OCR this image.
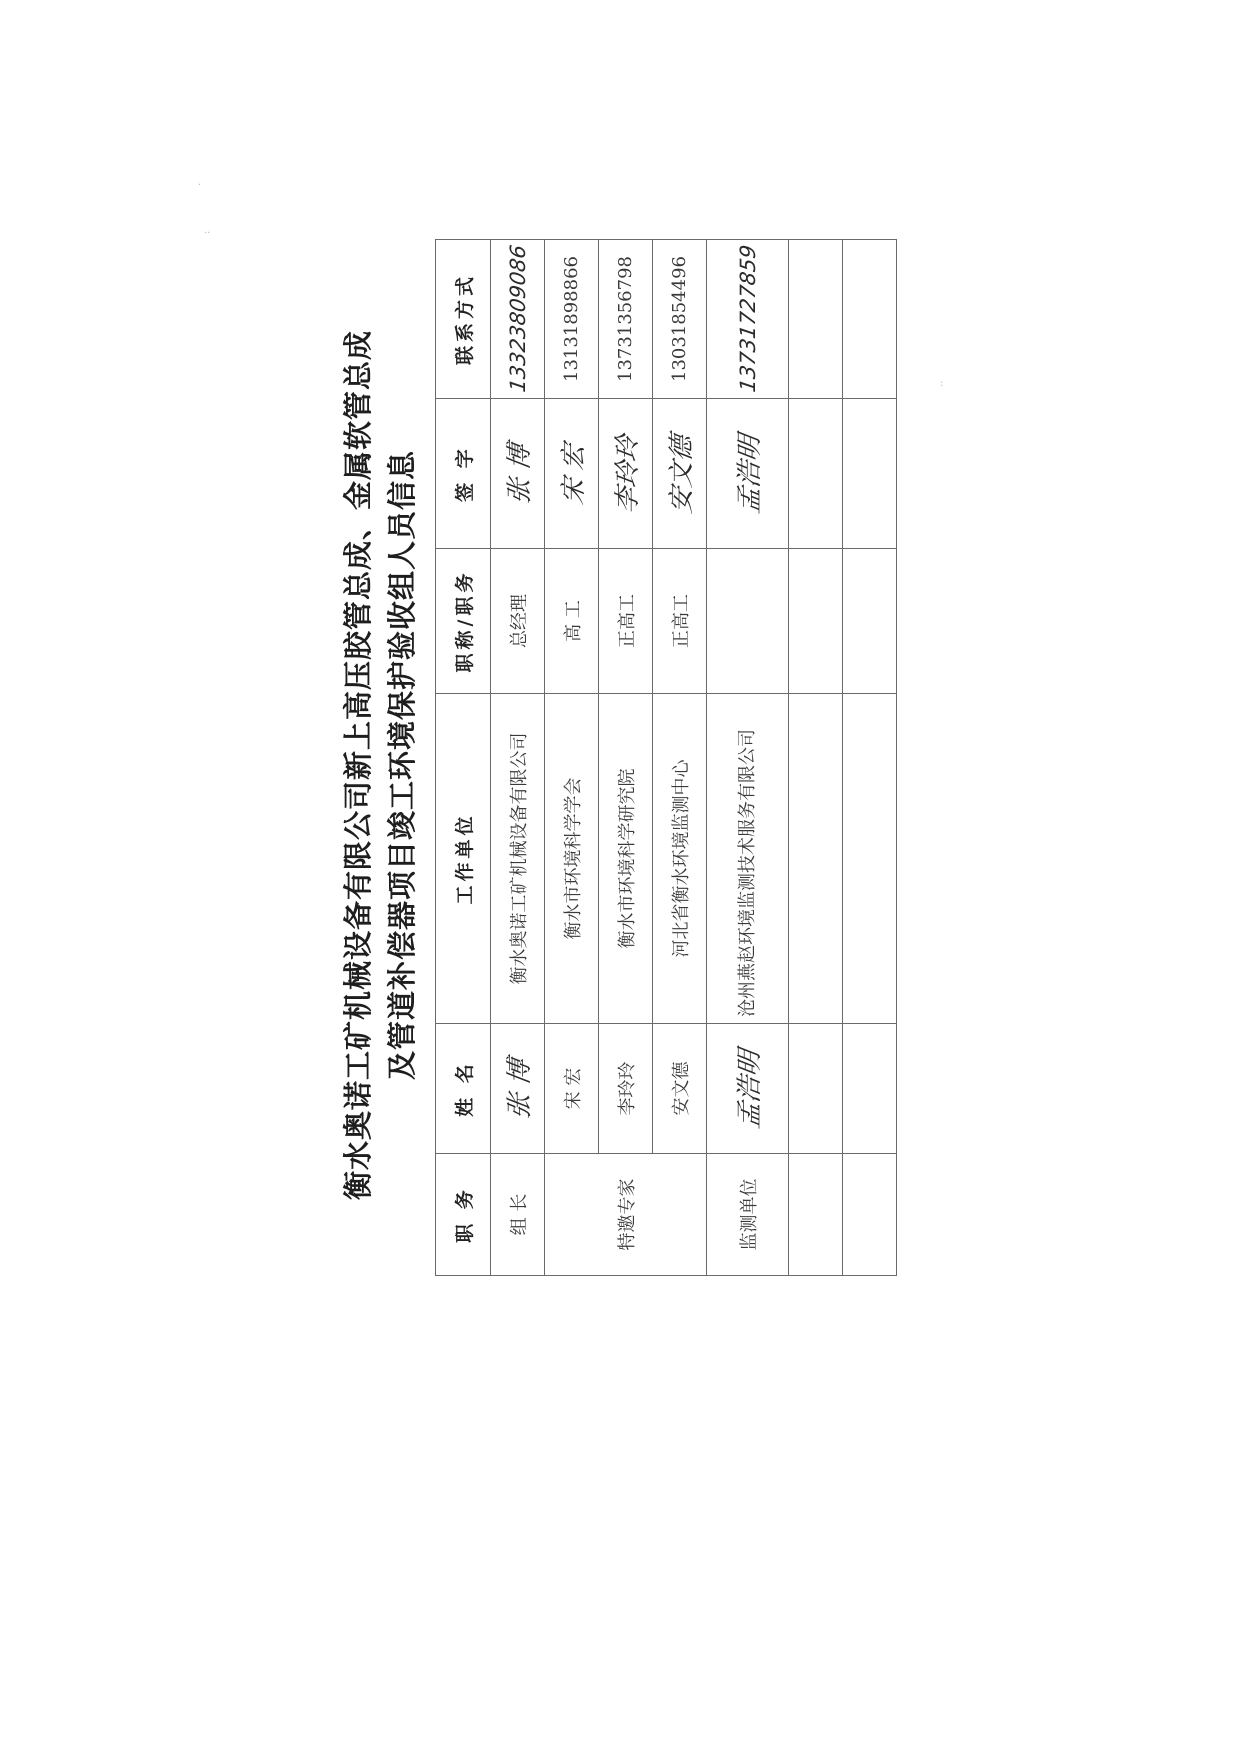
·
··
:
衡水奥诺工矿机械设备有限公司新上高压胶管总成、金属软管总成 及管道补偿器项目竣工环境保护验收组人员信息
职 务	姓 名	工作单位	职称/职务	签 字	联系方式
组 长	张 博	衡水奥诺工矿机械设备有限公司	总经理	张 博	13323809086
特邀专家	宋 宏	衡水市环境科学学会	高 工	宋 宏	13131898866
	李玲玲	衡水市环境科学研究院	正高工	李玲玲	13731356798
	安文德	河北省衡水环境监测中心	正高工	安文德	13031854496
监测单位	孟浩明	沧州燕赵环境监测技术服务有限公司		孟浩明	13731727859
